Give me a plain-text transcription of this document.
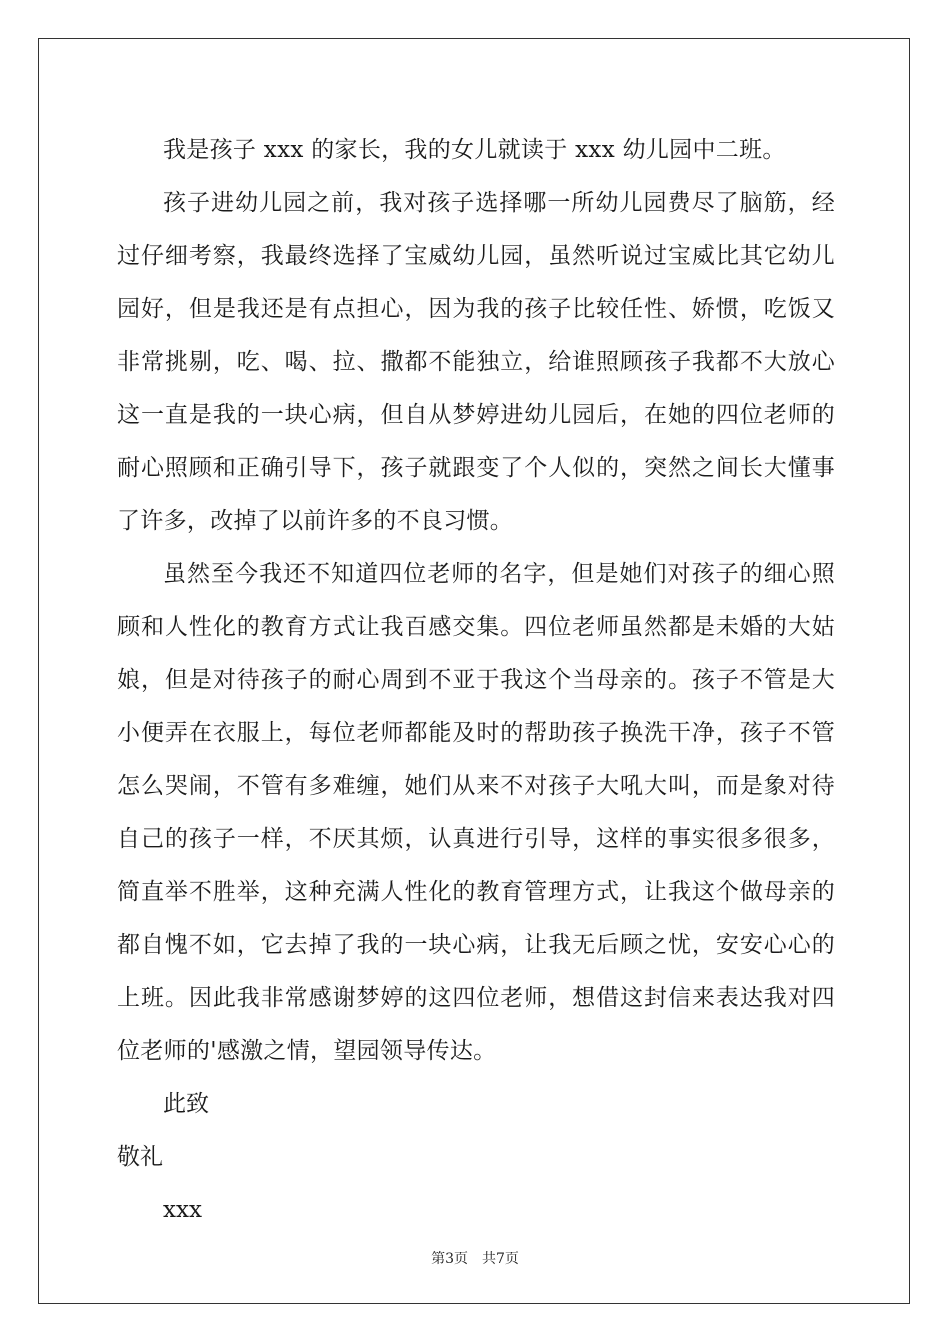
我是孩子 xxx 的家长，我的女儿就读于 xxx 幼儿园中二班。

孩子进幼儿园之前，我对孩子选择哪一所幼儿园费尽了脑筋，经过仔细考察，我最终选择了宝威幼儿园，虽然听说过宝威比其它幼儿园好，但是我还是有点担心，因为我的孩子比较任性、娇惯，吃饭又非常挑剔，吃、喝、拉、撒都不能独立，给谁照顾孩子我都不大放心这一直是我的一块心病，但自从梦婷进幼儿园后，在她的四位老师的耐心照顾和正确引导下，孩子就跟变了个人似的，突然之间长大懂事了许多，改掉了以前许多的不良习惯。

虽然至今我还不知道四位老师的名字，但是她们对孩子的细心照顾和人性化的教育方式让我百感交集。四位老师虽然都是未婚的大姑娘，但是对待孩子的耐心周到不亚于我这个当母亲的。孩子不管是大小便弄在衣服上，每位老师都能及时的帮助孩子换洗干净，孩子不管怎么哭闹，不管有多难缠，她们从来不对孩子大吼大叫，而是象对待自己的孩子一样，不厌其烦，认真进行引导，这样的事实很多很多，简直举不胜举，这种充满人性化的教育管理方式，让我这个做母亲的都自愧不如，它去掉了我的一块心病，让我无后顾之忧，安安心心的上班。因此我非常感谢梦婷的这四位老师，想借这封信来表达我对四位老师的'感激之情，望园领导传达。

此致

敬礼

xxx

第3页 共7页
